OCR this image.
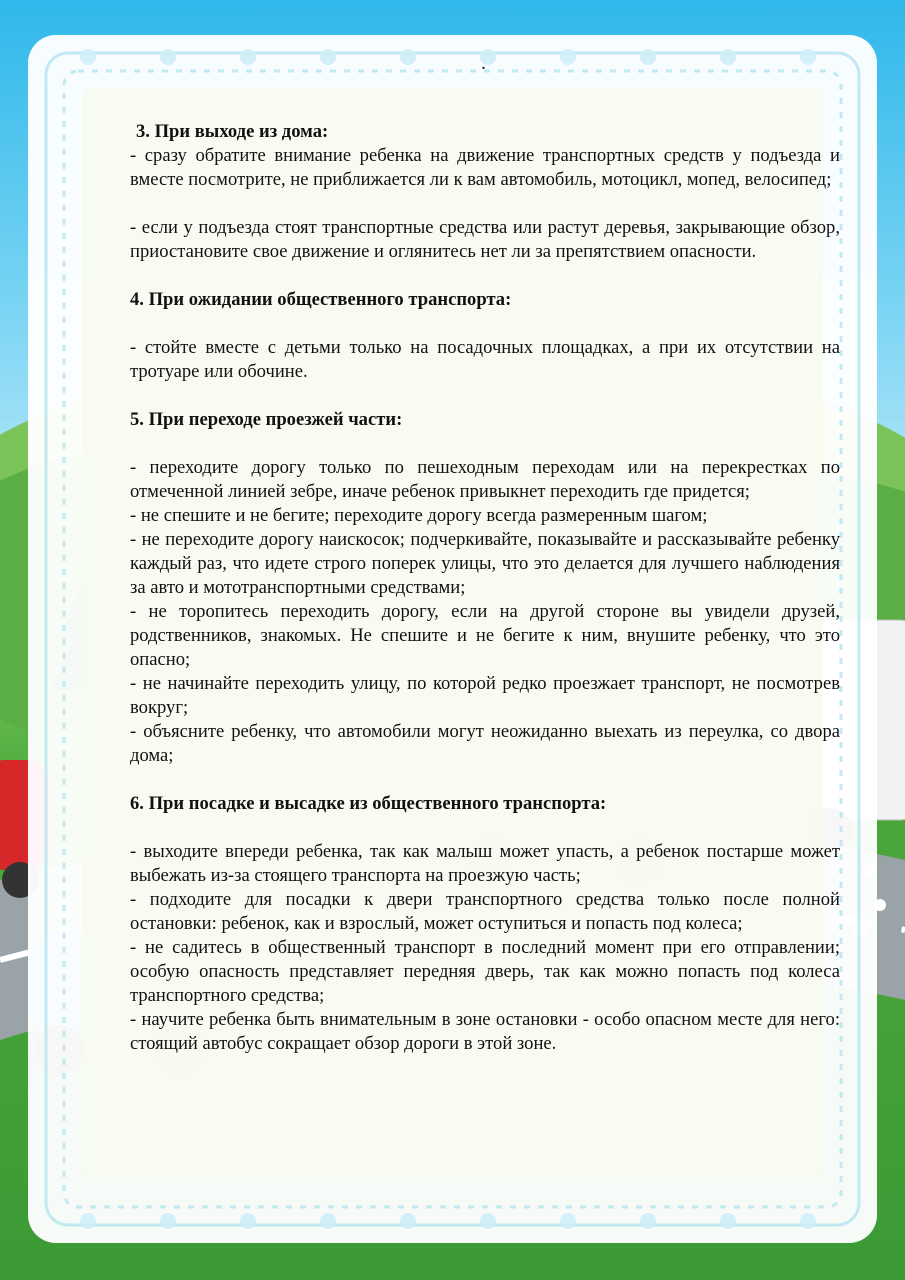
.
3. При выходе из дома:

- сразу обратите внимание ребенка на движение транспортных средств у подъезда и вместе посмотрите, не приближается ли к вам автомобиль, мотоцикл, мопед, велосипед;

- если у подъезда стоят транспортные средства или растут деревья, закрывающие обзор, приостановите свое движение и оглянитесь нет ли за препятствием опасности.

4. При ожидании общественного транспорта:

- стойте вместе с детьми только на посадочных площадках, а при их отсутствии на тротуаре или обочине.

5. При переходе проезжей части:

- переходите дорогу только по пешеходным переходам или на перекрестках по отмеченной линией зебре, иначе ребенок привыкнет переходить где придется;

- не спешите и не бегите; переходите дорогу всегда размеренным шагом;

- не переходите дорогу наискосок; подчеркивайте, показывайте и рассказывайте ребенку каждый раз, что идете строго поперек улицы, что это делается для лучшего наблюдения за авто и мототранспортными средствами;

- не торопитесь переходить дорогу, если на другой стороне вы увидели друзей, родственников, знакомых. Не спешите и не бегите к ним, внушите ребенку, что это опасно;

- не начинайте переходить улицу, по которой редко проезжает транспорт, не посмотрев вокруг;

- объясните ребенку, что автомобили могут неожиданно выехать из переулка, со двора дома;

6. При посадке и высадке из общественного транспорта:

- выходите впереди ребенка, так как малыш может упасть, а ребенок постарше может выбежать из-за стоящего транспорта на проезжую часть;

- подходите для посадки к двери транспортного средства только после полной остановки: ребенок, как и взрослый, может оступиться и попасть под колеса;

- не садитесь в общественный транспорт в последний момент при его отправлении; особую опасность представляет передняя дверь, так как можно попасть под колеса транспортного средства;

- научите ребенка быть внимательным в зоне остановки - особо опасном месте для него: стоящий автобус сокращает обзор дороги в этой зоне.
